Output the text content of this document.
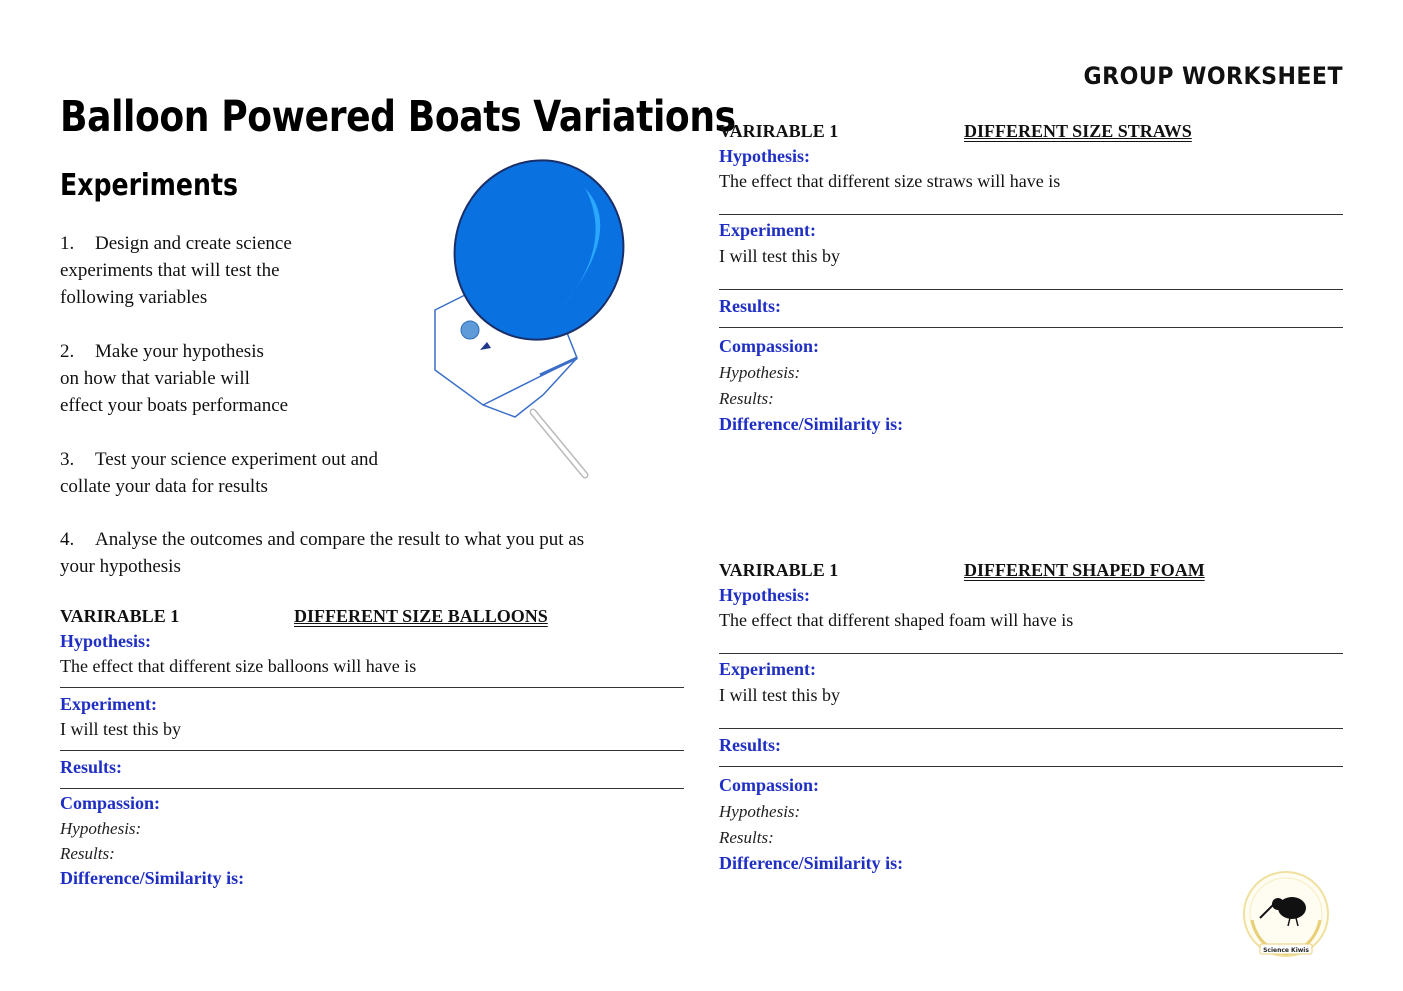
GROUP WORKSHEET
Balloon Powered Boats Variations
Experiments
1. Design and create science
experiments that will test the
following variables
2. Make your hypothesis
on how that variable will
effect your boats performance
3. Test your science experiment out and
collate your data for results
4. Analyse the outcomes and compare the result to what you put as
your hypothesis
VARIRABLE 1	DIFFERENT SIZE BALLOONS
Hypothesis:
The effect that different size balloons will have is
Experiment:
I will test this by
Results:
Compassion:
Hypothesis:
Results:
Difference/Similarity is:
VARIRABLE 1	DIFFERENT SIZE STRAWS
Hypothesis:
The effect that different size straws will have is
Experiment:
I will test this by
Results:
Compassion:
Hypothesis:
Results:
Difference/Similarity is:
VARIRABLE 1	DIFFERENT SHAPED FOAM
Hypothesis:
The effect that different shaped foam will have is
Experiment:
I will test this by
Results:
Compassion:
Hypothesis:
Results:
Difference/Similarity is:
Science Kiwis
